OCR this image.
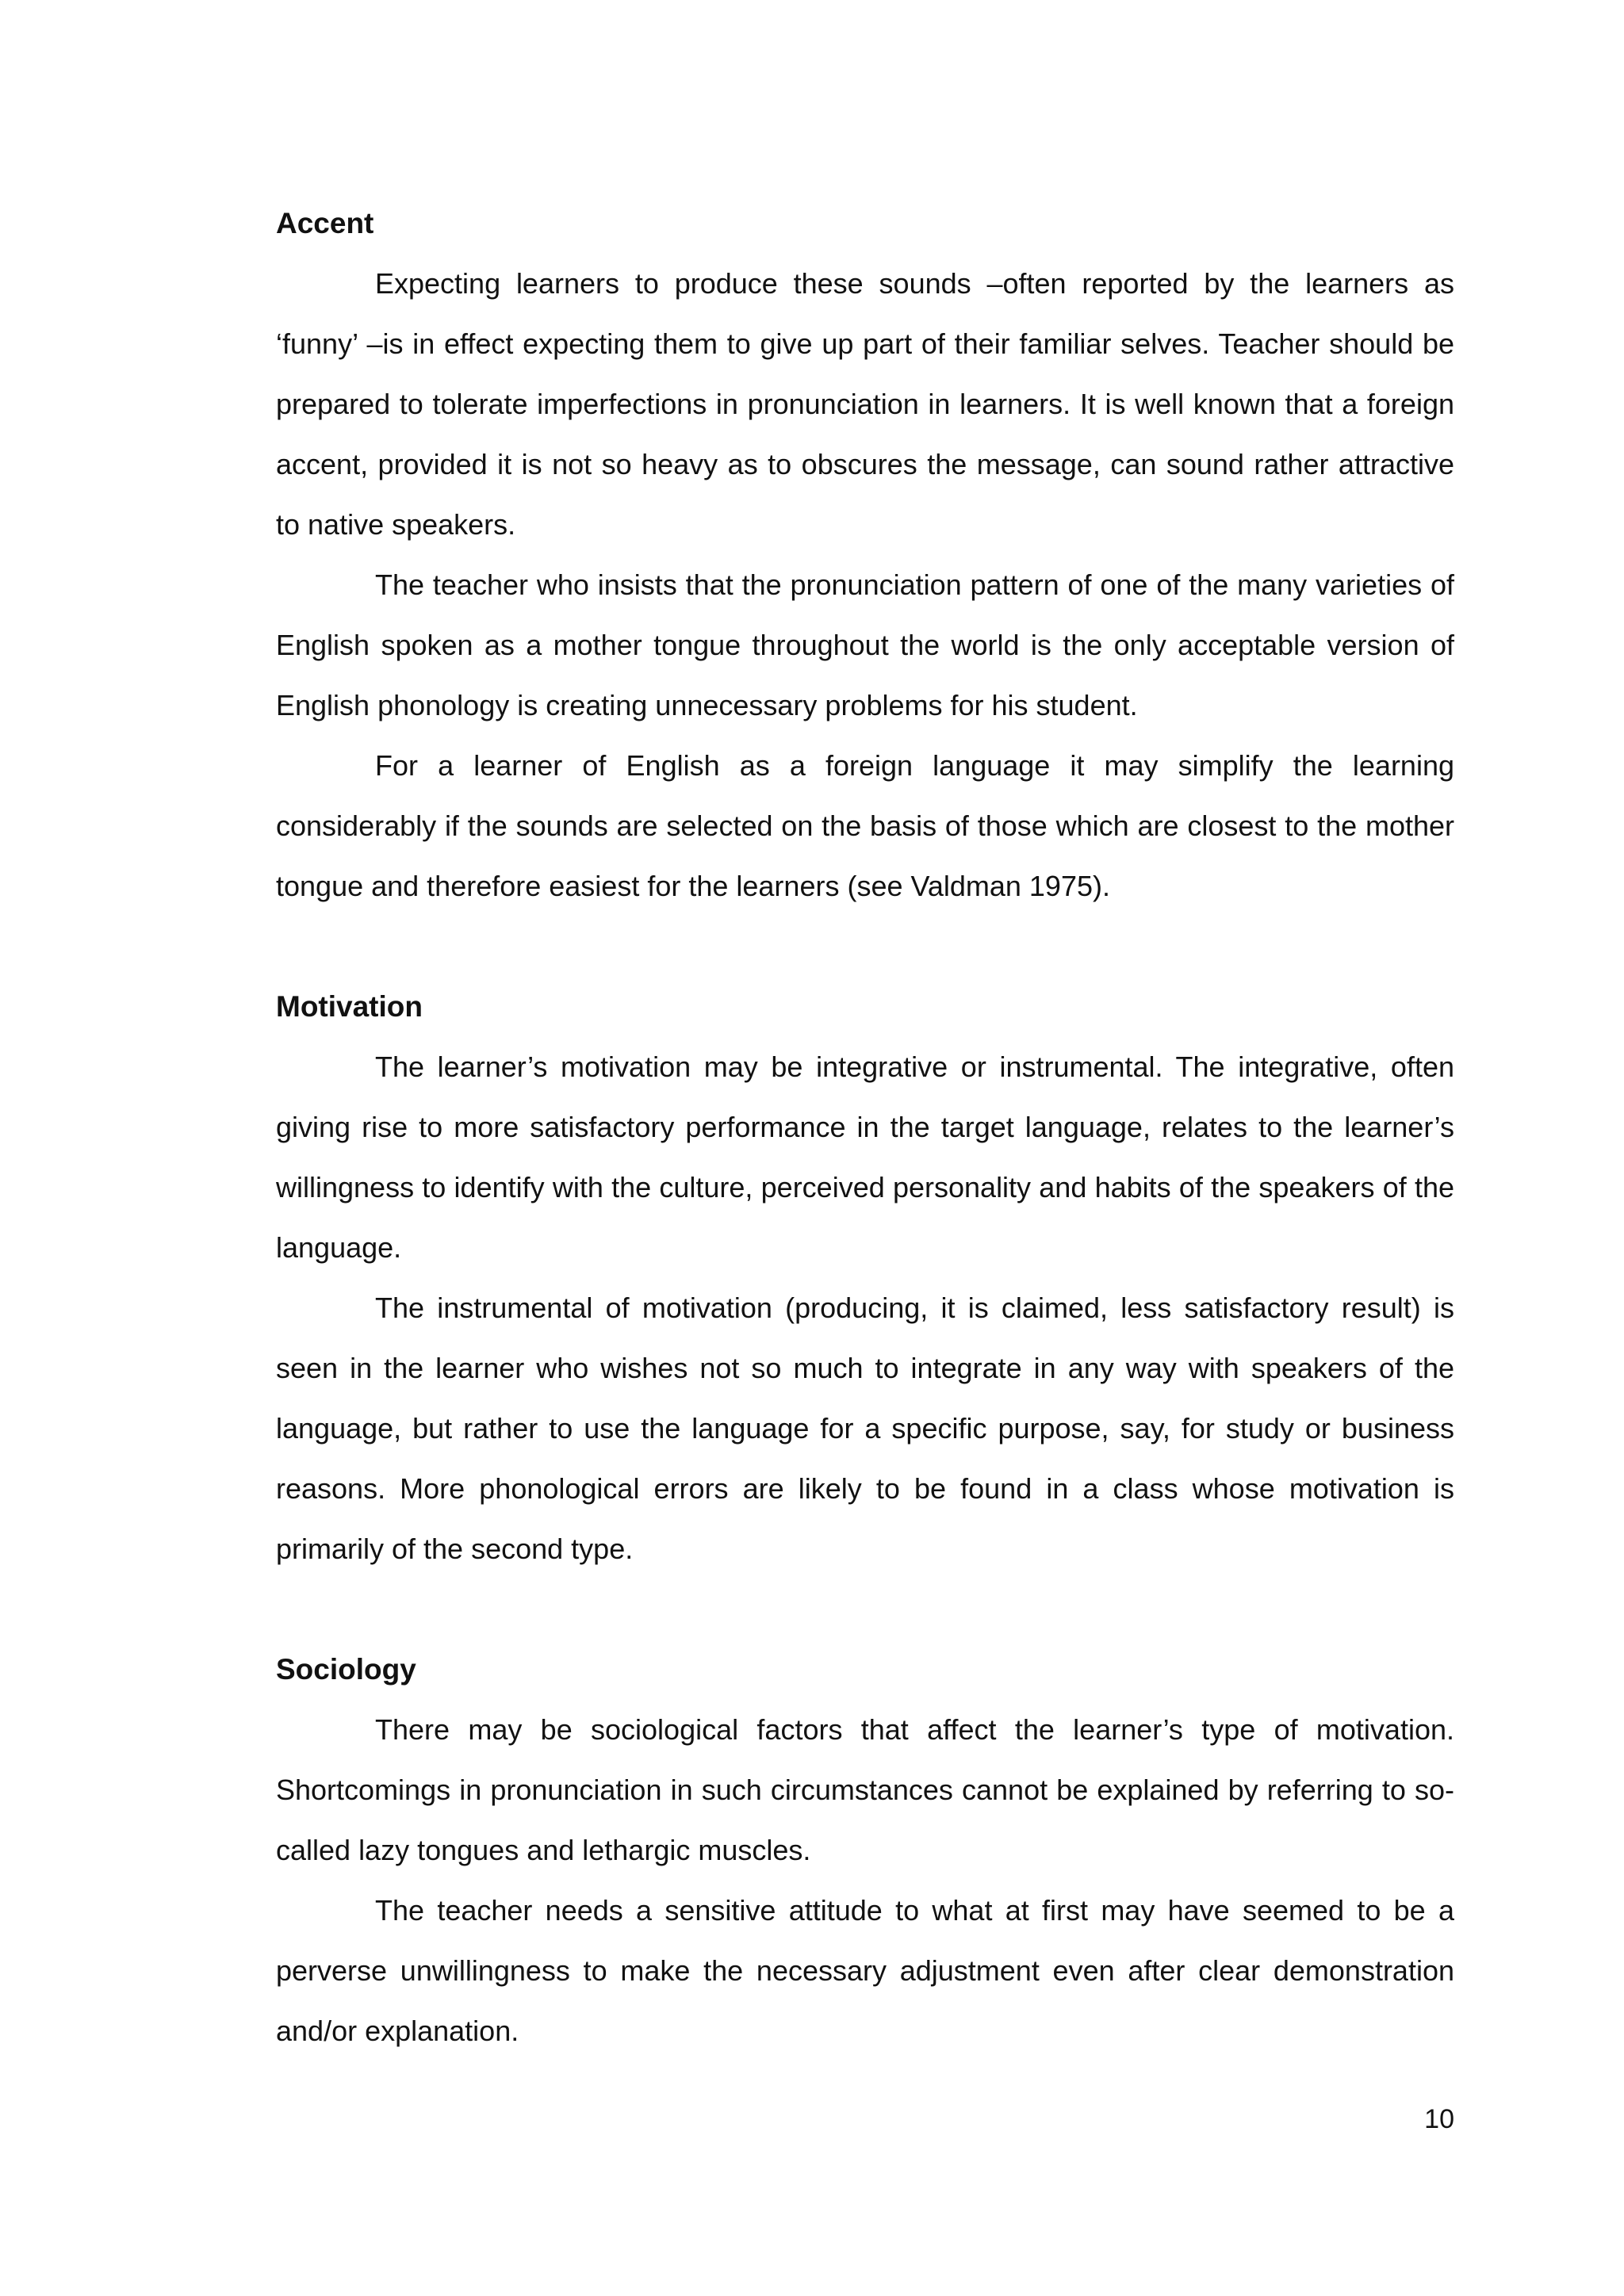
Accent

Expecting learners to produce these sounds –often reported by the learners as ‘funny’ –is in effect expecting them to give up part of their familiar selves. Teacher should be prepared to tolerate imperfections in pronunciation in learners. It is well known that a foreign accent, provided it is not so heavy as to obscures the message, can sound rather attractive to native speakers.

The teacher who insists that the pronunciation pattern of one of the many varieties of English spoken as a mother tongue throughout the world is the only acceptable version of English phonology is creating unnecessary problems for his student.

For a learner of English as a foreign language it may simplify the learning considerably if the sounds are selected on the basis of those which are closest to the mother tongue and therefore easiest for the learners (see Valdman 1975).

Motivation

The learner’s motivation may be integrative or instrumental. The integrative, often giving rise to more satisfactory performance in the target language, relates to the learner’s willingness to identify with the culture, perceived personality and habits of the speakers of the language.

The instrumental of motivation (producing, it is claimed, less satisfactory result) is seen in the learner who wishes not so much to integrate in any way with speakers of the language, but rather to use the language for a specific purpose, say, for study or business reasons. More phonological errors are likely to be found in a class whose motivation is primarily of the second type.

Sociology

There may be sociological factors that affect the learner’s type of motivation. Shortcomings in pronunciation in such circumstances cannot be explained by referring to so-called lazy tongues and lethargic muscles.

The teacher needs a sensitive attitude to what at first may have seemed to be a perverse unwillingness to make the necessary adjustment even after clear demonstration and/or explanation.

10
